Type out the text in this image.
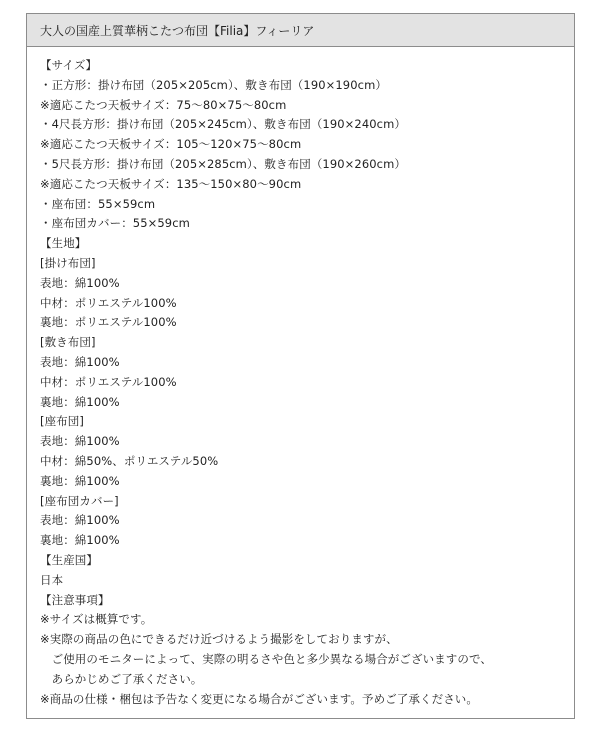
大人の国産上質華柄こたつ布団【Filia】フィーリア
【サイズ】
・正方形：掛け布団（205×205cm）、敷き布団（190×190cm）
※適応こたつ天板サイズ：75～80×75～80cm
・4尺長方形：掛け布団（205×245cm）、敷き布団（190×240cm）
※適応こたつ天板サイズ：105～120×75～80cm
・5尺長方形：掛け布団（205×285cm）、敷き布団（190×260cm）
※適応こたつ天板サイズ：135～150×80～90cm
・座布団：55×59cm
・座布団カバー：55×59cm
【生地】
[掛け布団]
表地：綿100%
中材：ポリエステル100%
裏地：ポリエステル100%
[敷き布団]
表地：綿100%
中材：ポリエステル100%
裏地：綿100%
[座布団]
表地：綿100%
中材：綿50%、ポリエステル50%
裏地：綿100%
[座布団カバー]
表地：綿100%
裏地：綿100%
【生産国】
日本
【注意事項】
※サイズは概算です。
※実際の商品の色にできるだけ近づけるよう撮影をしておりますが、
　ご使用のモニターによって、実際の明るさや色と多少異なる場合がございますので、
　あらかじめご了承ください。
※商品の仕様・梱包は予告なく変更になる場合がございます。予めご了承ください。
